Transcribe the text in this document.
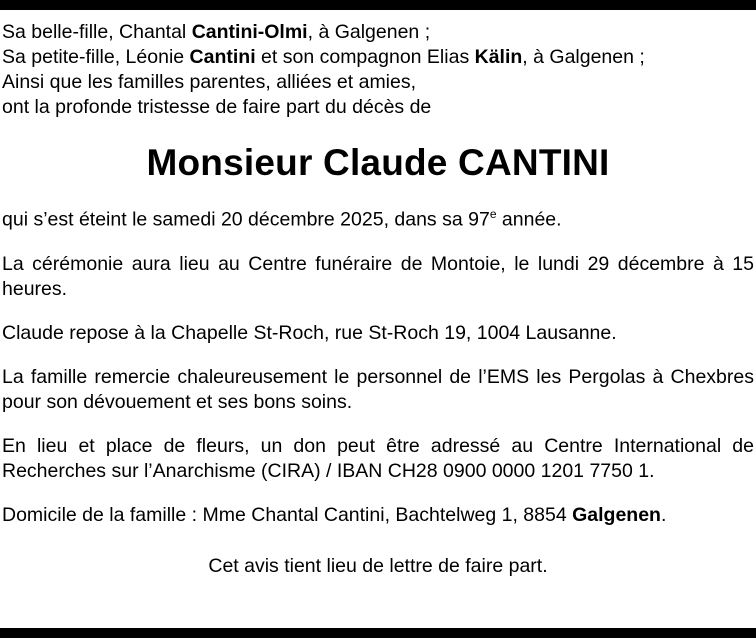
Sa belle-fille, Chantal Cantini-Olmi, à Galgenen ;
Sa petite-fille, Léonie Cantini et son compagnon Elias Kälin, à Galgenen ;
Ainsi que les familles parentes, alliées et amies,
ont la profonde tristesse de faire part du décès de
Monsieur Claude CANTINI
qui s’est éteint le samedi 20 décembre 2025, dans sa 97e année.
La cérémonie aura lieu au Centre funéraire de Montoie, le lundi 29 décembre à 15 heures.
Claude repose à la Chapelle St-Roch, rue St-Roch 19, 1004 Lausanne.
La famille remercie chaleureusement le personnel de l’EMS les Pergolas à Chexbres pour son dévouement et ses bons soins.
En lieu et place de fleurs, un don peut être adressé au Centre International de Recherches sur l’Anarchisme (CIRA) / IBAN CH28 0900 0000 1201 7750 1.
Domicile de la famille : Mme Chantal Cantini, Bachtelweg 1, 8854 Galgenen.
Cet avis tient lieu de lettre de faire part.
